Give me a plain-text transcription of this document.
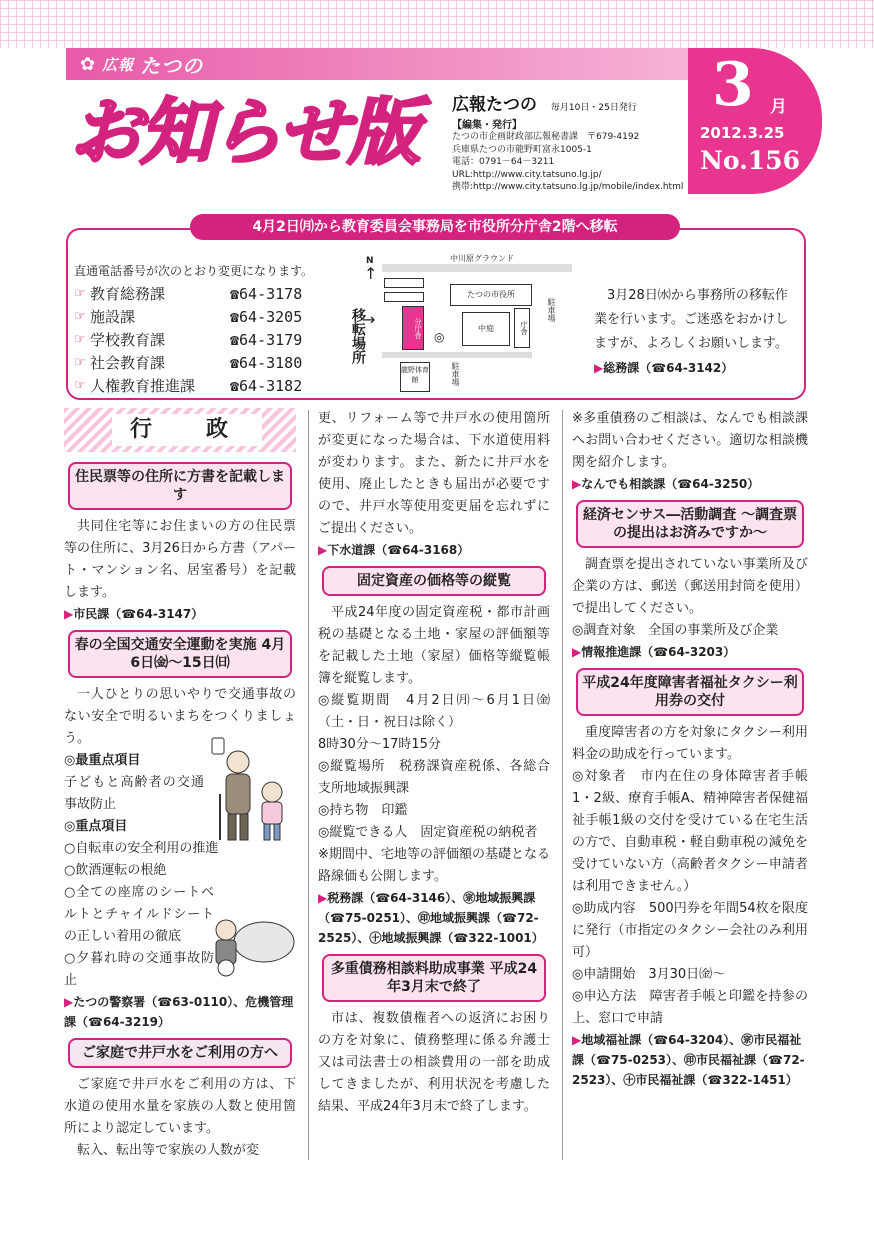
✿ 広報 たつの
お知らせ版	広報たつの 毎月10日・25日発行
【編集・発行】
たつの市企画財政部広報秘書課　〒679-4192
兵庫県たつの市龍野町富永1005-1
電話：0791－64－3211
URL:http://www.city.tatsuno.lg.jp/
携帯:http://www.city.tatsuno.lg.jp/mobile/index.html
3 月
2012.3.25
No.156
4月2日㈪から教育委員会事務局を市役所分庁舎2階へ移転
直通電話番号が次のとおり変更になります。
☞ 教育総務課	☎64-3178
☞ 施設課	☎64-3205
☞ 学校教育課	☎64-3179
☞ 社会教育課	☎64-3180
☞ 人権教育推進課	☎64-3182
N
↑
中川原グラウンド
たつの市役所
→
移転場所	分庁舎 ◎
中庭	庁舎
駐車場
龍野体育館	駐車場
3月28日㈬から事務所の移転作業を行います。ご迷惑をおかけしますが、よろしくお願いします。
▶総務課（☎64-3142）
行　政
住民票等の住所に方書を記載します
共同住宅等にお住まいの方の住民票等の住所に、3月26日から方書（アパート・マンション名、居室番号）を記載します。
▶市民課（☎64-3147）
春の全国交通安全運動を実施 4月6日㈮～15日㈰
一人ひとりの思いやりで交通事故のない安全で明るいまちをつくりましょう。
◎最重点項目
子どもと高齢者の交通事故防止
◎重点項目
○自転車の安全利用の推進
○飲酒運転の根絶
○全ての座席のシートベルトとチャイルドシートの正しい着用の徹底
○夕暮れ時の交通事故防止
▶たつの警察署（☎63-0110）、危機管理課（☎64-3219）
ご家庭で井戸水をご利用の方へ
ご家庭で井戸水をご利用の方は、下水道の使用水量を家族の人数と使用箇所により認定しています。
転入、転出等で家族の人数が変
更、リフォーム等で井戸水の使用箇所が変更になった場合は、下水道使用料が変わります。また、新たに井戸水を使用、廃止したときも届出が必要ですので、井戸水等使用変更届を忘れずにご提出ください。
▶下水道課（☎64-3168）
固定資産の価格等の縦覧
平成24年度の固定資産税・都市計画税の基礎となる土地・家屋の評価額等を記載した土地（家屋）価格等縦覧帳簿を縦覧します。
◎縦覧期間　4月2日㈪～6月1日㈮（土・日・祝日は除く）
8時30分～17時15分
◎縦覧場所　税務課資産税係、各総合支所地域振興課
◎持ち物　印鑑
◎縦覧できる人　固定資産税の納税者
※期間中、宅地等の評価額の基礎となる路線価も公開します。
▶税務課（☎64-3146）、㊪地域振興課（☎75-0251）、㊞地域振興課（☎72-2525）、㊉地域振興課（☎322-1001）
多重債務相談料助成事業 平成24年3月末で終了
市は、複数債権者への返済にお困りの方を対象に、債務整理に係る弁護士又は司法書士の相談費用の一部を助成してきましたが、利用状況を考慮した結果、平成24年3月末で終了します。
※多重債務のご相談は、なんでも相談課へお問い合わせください。適切な相談機関を紹介します。
▶なんでも相談課（☎64-3250）
経済センサス―活動調査 ～調査票の提出はお済みですか～
調査票を提出されていない事業所及び企業の方は、郵送（郵送用封筒を使用）で提出してください。
◎調査対象　全国の事業所及び企業
▶情報推進課（☎64-3203）
平成24年度障害者福祉タクシー利用券の交付
重度障害者の方を対象にタクシー利用料金の助成を行っています。
◎対象者　市内在住の身体障害者手帳1・2級、療育手帳A、精神障害者保健福祉手帳1級の交付を受けている在宅生活の方で、自動車税・軽自動車税の減免を受けていない方（高齢者タクシー申請者は利用できません。）
◎助成内容　500円券を年間54枚を限度に発行（市指定のタクシー会社のみ利用可）
◎申請開始　3月30日㈮～
◎申込方法　障害者手帳と印鑑を持参の上、窓口で申請
▶地域福祉課（☎64-3204）、㊪市民福祉課（☎75-0253）、㊞市民福祉課（☎72-2523）、㊉市民福祉課（☎322-1451）
